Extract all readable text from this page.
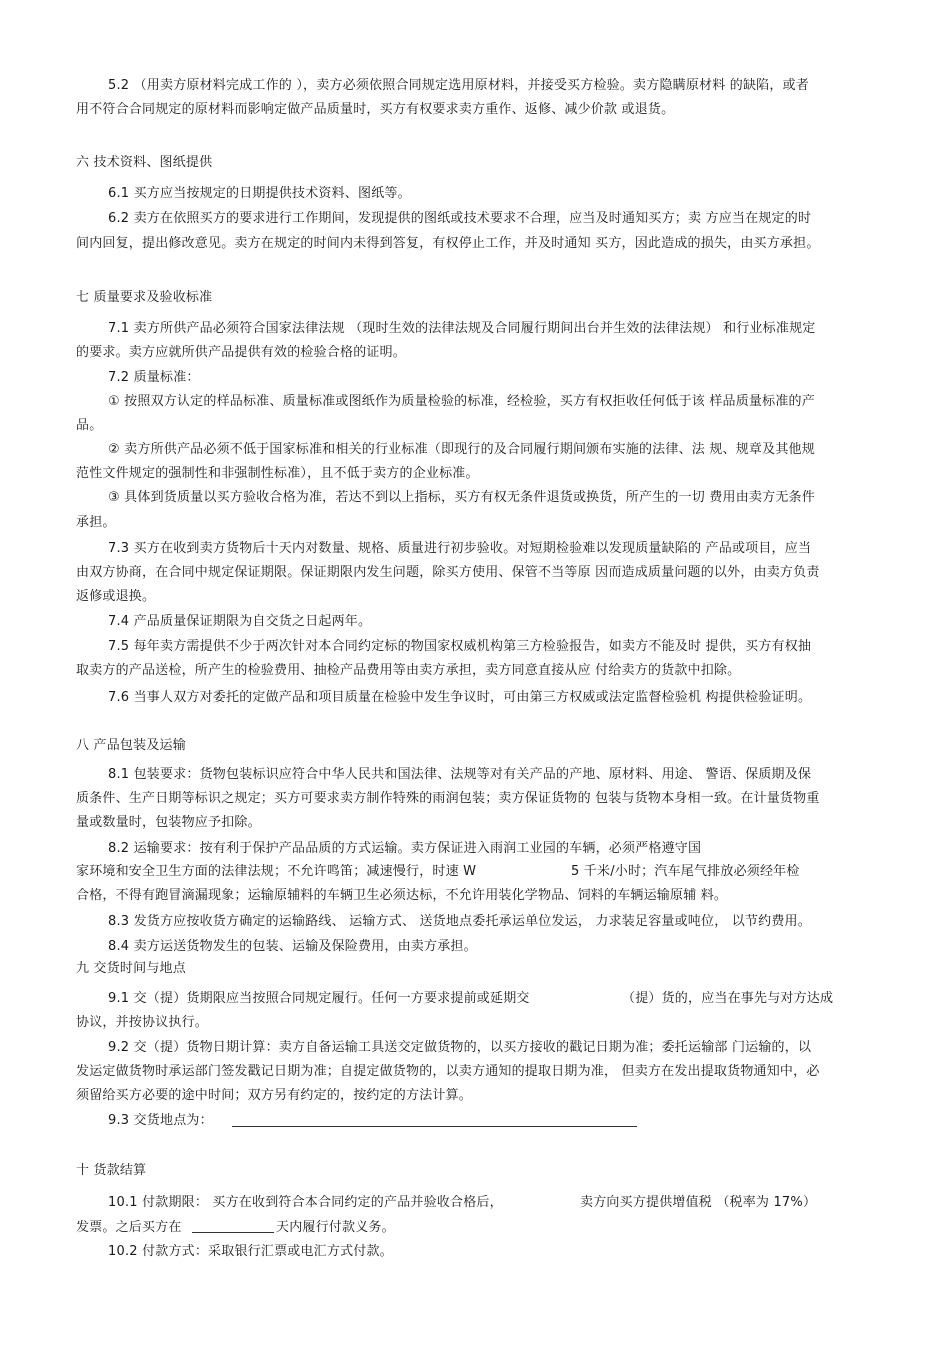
5.2 （用卖方原材料完成工作的 ），卖方必须依照合同规定选用原材料，并接受买方检验。卖方隐瞒原材料 的缺陷，或者
用不符合合同规定的原材料而影响定做产品质量时，买方有权要求卖方重作、返修、减少价款 或退货。
六 技术资料、图纸提供
6.1 买方应当按规定的日期提供技术资料、图纸等。
6.2 卖方在依照买方的要求进行工作期间，发现提供的图纸或技术要求不合理，应当及时通知买方；卖 方应当在规定的时
间内回复，提出修改意见。卖方在规定的时间内未得到答复，有权停止工作，并及时通知 买方，因此造成的损失，由买方承担。
七 质量要求及验收标准
7.1 卖方所供产品必须符合国家法律法规 （现时生效的法律法规及合同履行期间出台并生效的法律法规） 和行业标准规定
的要求。卖方应就所供产品提供有效的检验合格的证明。
7.2 质量标准：
① 按照双方认定的样品标准、质量标准或图纸作为质量检验的标准，经检验，买方有权拒收任何低于该 样品质量标准的产
品。
② 卖方所供产品必须不低于国家标准和相关的行业标准（即现行的及合同履行期间颁布实施的法律、法 规、规章及其他规
范性文件规定的强制性和非强制性标准），且不低于卖方的企业标准。
③ 具体到货质量以买方验收合格为准，若达不到以上指标，买方有权无条件退货或换货，所产生的一切 费用由卖方无条件
承担。
7.3 买方在收到卖方货物后十天内对数量、规格、质量进行初步验收。对短期检验难以发现质量缺陷的 产品或项目，应当
由双方协商，在合同中规定保证期限。保证期限内发生问题，除买方使用、保管不当等原 因而造成质量问题的以外，由卖方负责
返修或退换。
7.4 产品质量保证期限为自交货之日起两年。
7.5 每年卖方需提供不少于两次针对本合同约定标的物国家权威机构第三方检验报告，如卖方不能及时 提供，买方有权抽
取卖方的产品送检，所产生的检验费用、抽检产品费用等由卖方承担，卖方同意直接从应 付给卖方的货款中扣除。
7.6 当事人双方对委托的定做产品和项目质量在检验中发生争议时，可由第三方权威或法定监督检验机 构提供检验证明。
八 产品包装及运输
8.1 包装要求：货物包装标识应符合中华人民共和国法律、法规等对有关产品的产地、原材料、用途、 警语、保质期及保
质条件、生产日期等标识之规定；买方可要求卖方制作特殊的雨润包装；卖方保证货物的 包装与货物本身相一致。在计量货物重
量或数量时，包装物应予扣除。
8.2 运输要求：按有利于保护产品品质的方式运输。卖方保证进入雨润工业园的车辆，必须严格遵守国
家环境和安全卫生方面的法律法规；不允许鸣笛；减速慢行，时速 W	5 千米/小时；汽车尾气排放必须经年检
合格，不得有跑冒滴漏现象；运输原辅料的车辆卫生必须达标，不允许用装化学物品、饲料的车辆运输原辅 料。
8.3 发货方应按收货方确定的运输路线、 运输方式、 送货地点委托承运单位发运， 力求装足容量或吨位， 以节约费用。
8.4 卖方运送货物发生的包装、运输及保险费用，由卖方承担。
九 交货时间与地点
9.1 交（提）货期限应当按照合同规定履行。任何一方要求提前或延期交	（提）货的，应当在事先与对方达成
协议，并按协议执行。
9.2 交（提）货物日期计算：卖方自备运输工具送交定做货物的，以买方接收的戳记日期为准；委托运输部 门运输的，以
发运定做货物时承运部门签发戳记日期为准；自提定做货物的，以卖方通知的提取日期为准， 但卖方在发出提取货物通知中，必
须留给买方必要的途中时间；双方另有约定的，按约定的方法计算。
9.3 交货地点为：
十 货款结算
10.1 付款期限： 买方在收到符合本合同约定的产品并验收合格后，	卖方向买方提供增值税 （税率为 17%）
发票。之后买方在	天内履行付款义务。
10.2 付款方式：采取银行汇票或电汇方式付款。
